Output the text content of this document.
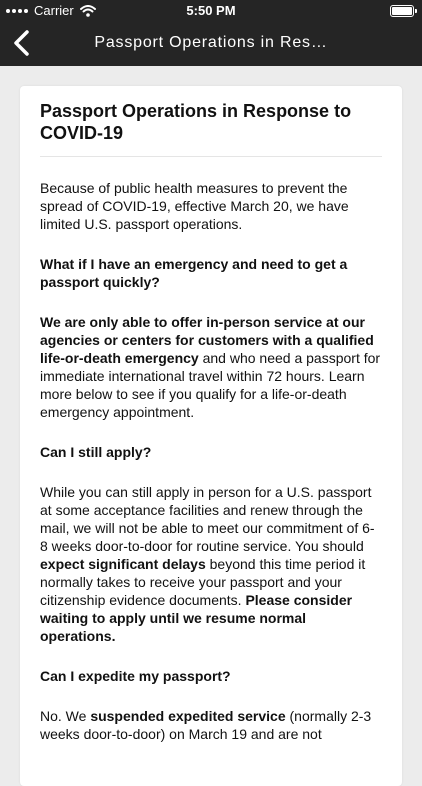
Carrier	5:50 PM
Passport Operations in Res…
Passport Operations in Response to COVID-19

Because of public health measures to prevent the spread of COVID-19, effective March 20, we have limited U.S. passport operations.

What if I have an emergency and need to get a passport quickly?

We are only able to offer in-person service at our agencies or centers for customers with a qualified life-or-death emergency and who need a passport for immediate international travel within 72 hours. Learn more below to see if you qualify for a life-or-death emergency appointment.

Can I still apply?

While you can still apply in person for a U.S. passport at some acceptance facilities and renew through the mail, we will not be able to meet our commitment of 6-8 weeks door-to-door for routine service. You should expect significant delays beyond this time period it normally takes to receive your passport and your citizenship evidence documents. Please consider waiting to apply until we resume normal operations.

Can I expedite my passport?

No. We suspended expedited service (normally 2-3 weeks door-to-door) on March 19 and are not
